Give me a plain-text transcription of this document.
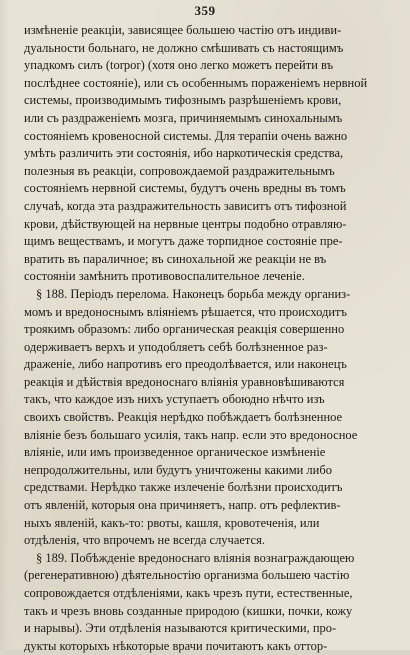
359
измѣненіе реакціи, зависящее большею частію отъ индиви-
дуальности больнаго, не должно смѣшивать съ настоящимъ
упадкомъ силъ (torpor) (хотя оно легко можетъ перейти въ
послѣднее состояніе), или съ особеннымъ пораженіемъ нервной
системы, производимымъ тифознымъ разрѣшеніемъ крови,
или съ раздраженіемъ мозга, причиняемымъ синохальнымъ
состояніемъ кровеносной системы. Для терапіи очень важно
умѣть различить эти состоянія, ибо наркотическія средства,
полезныя въ реакціи, сопровождаемой раздражительнымъ
состояніемъ нервной системы, будутъ очень вредны въ томъ
случаѣ, когда эта раздражительность зависитъ отъ тифозной
крови, дѣйствующей на нервные центры подобно отравляю-
щимъ веществамъ, и могутъ даже торпидное состояніе пре-
вратить въ параличное; въ синохальной же реакціи не въ
состояніи замѣнить противовоспалительное леченіе.
§ 188. Періодъ перелома. Наконецъ борьба между организ-
момъ и вредоноснымъ вліяніемъ рѣшается, что происходитъ
троякимъ образомъ: либо органическая реакція совершенно
одерживаетъ верхъ и уподобляетъ себѣ болѣзненное раз-
драженіе, либо напротивъ его преодолѣвается, или наконецъ
реакція и дѣйствія вредоноснаго вліянія уравновѣшиваются
такъ, что каждое изъ нихъ уступаетъ обоюдно нѣчто изъ
своихъ свойствъ. Реакція нерѣдко побѣждаетъ болѣзненное
вліяніе безъ большаго усилія, такъ напр. если это вредоносное
вліяніе, или имъ произведенное органическое измѣненіе
непродолжительны, или будутъ уничтожены какими либо
средствами. Нерѣдко также излеченіе болѣзни происходитъ
отъ явленій, которыя она причиняетъ, напр. отъ рефлектив-
ныхъ явленій, какъ-то: рвоты, кашля, кровотеченія, или
отдѣленія, что впрочемъ не всегда случается.
§ 189. Побѣжденіе вредоноснаго вліянія вознаграждающею
(регенеративною) дѣятельностію организма большею частію
сопровождается отдѣленіями, какъ чрезъ пути, естественные,
такъ и чрезъ вновь созданные природою (кишки, почки, кожу
и нарывы). Эти отдѣленія называются критическими, про-
дукты которыхъ нѣкоторые врачи почитаютъ какъ оттор-
